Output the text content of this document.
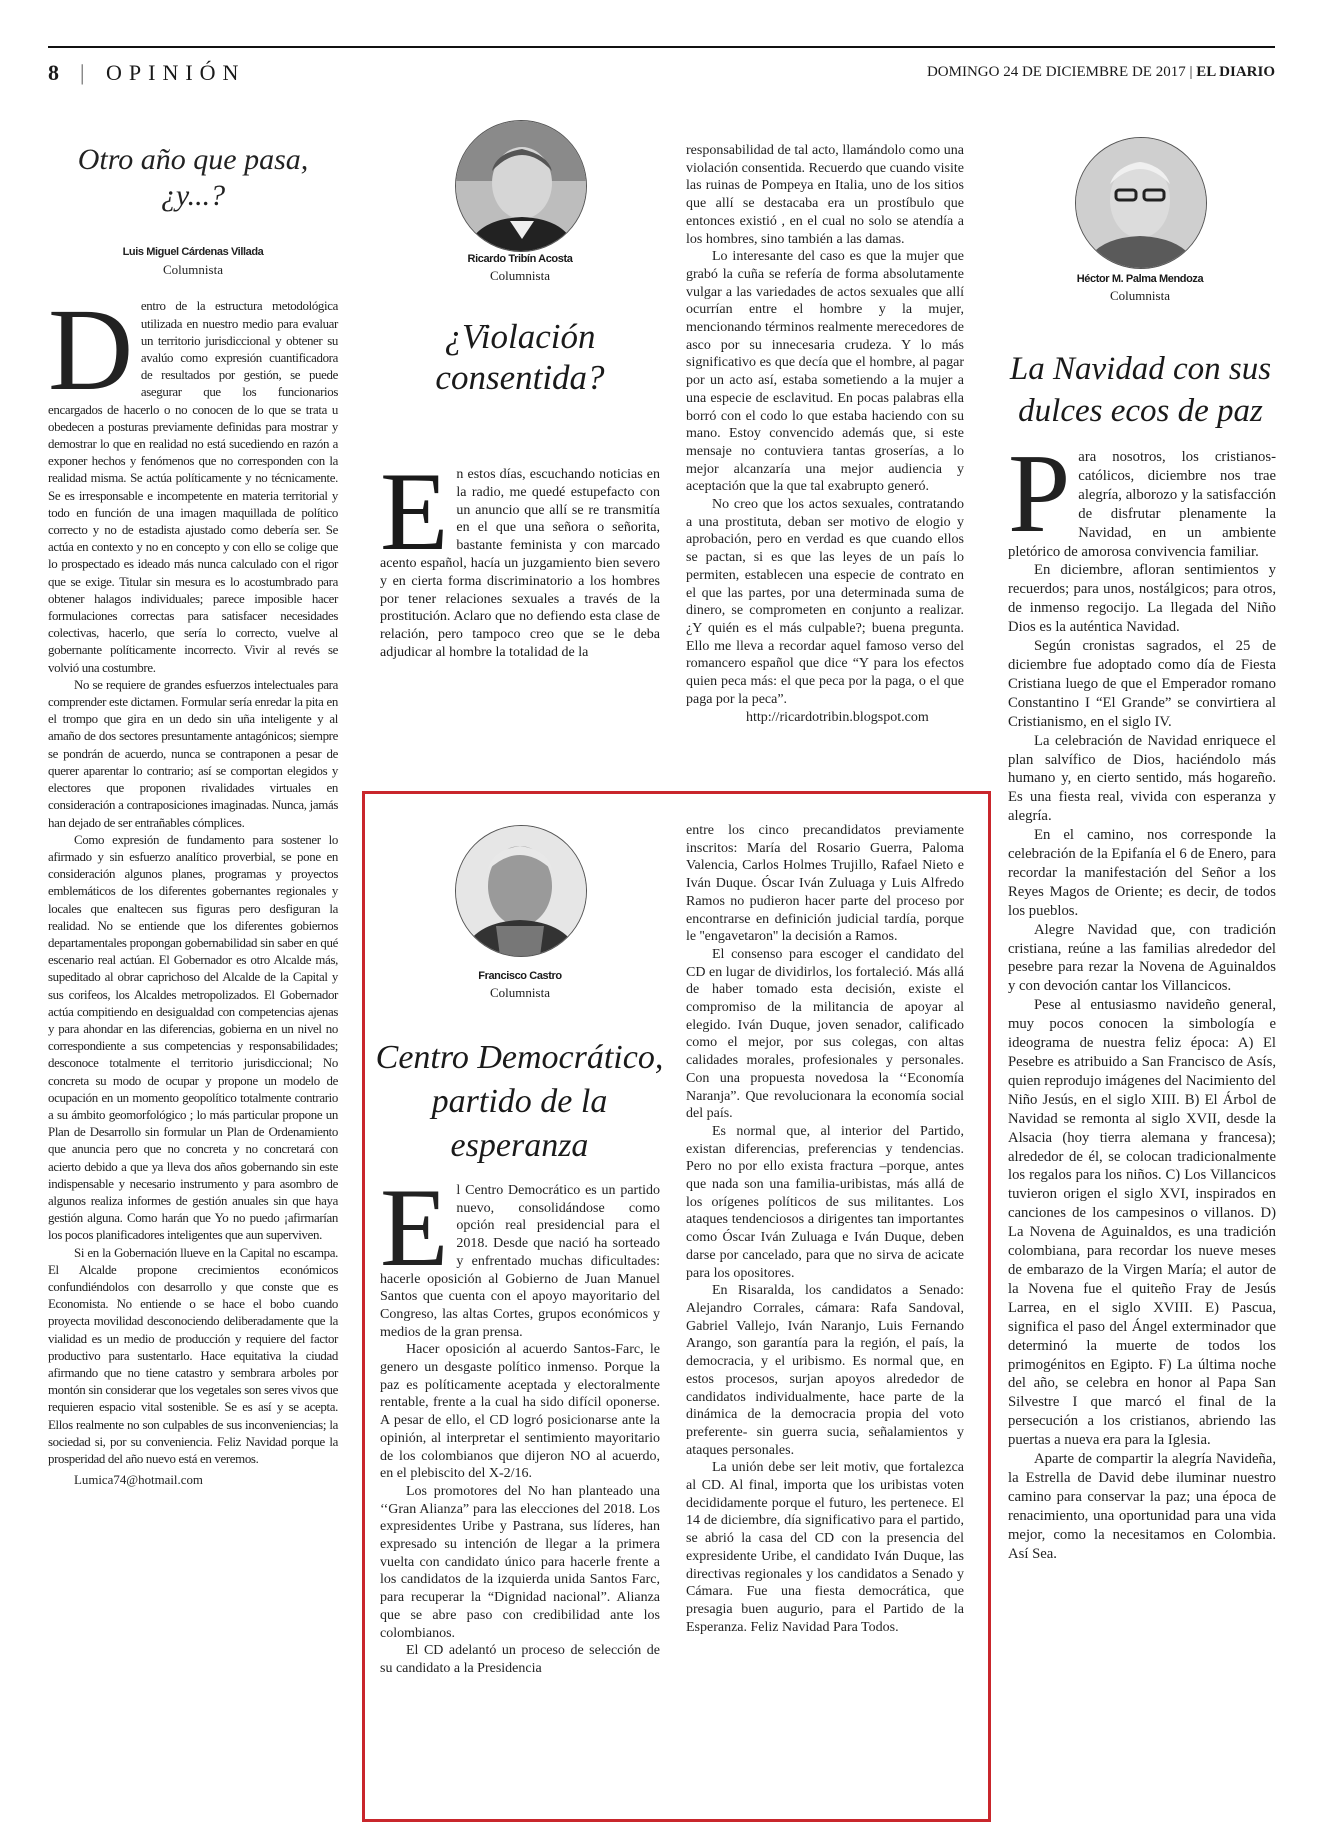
8 | OPINIÓN	DOMINGO 24 DE DICIEMBRE DE 2017 | EL DIARIO
Otro año que pasa,
¿y...?
Luis Miguel Cárdenas Villada
Columnista

Dentro de la estructura metodológica utilizada en nuestro medio para evaluar un territorio jurisdiccional y obtener su avalúo como expresión cuantificadora de resultados por gestión, se puede asegurar que los funcionarios encargados de hacerlo o no conocen de lo que se trata u obedecen a posturas previamente definidas para mostrar y demostrar lo que en realidad no está sucediendo en razón a exponer hechos y fenómenos que no corresponden con la realidad misma. Se actúa políticamente y no técnicamente. Se es irresponsable e incompetente en materia territorial y todo en función de una imagen maquillada de político correcto y no de estadista ajustado como debería ser. Se actúa en contexto y no en concepto y con ello se colige que lo prospectado es ideado más nunca calculado con el rigor que se exige. Titular sin mesura es lo acostumbrado para obtener halagos individuales; parece imposible hacer formulaciones correctas para satisfacer necesidades colectivas, hacerlo, que sería lo correcto, vuelve al gobernante políticamente incorrecto. Vivir al revés se volvió una costumbre.

No se requiere de grandes esfuerzos intelectuales para comprender este dictamen. Formular sería enredar la pita en el trompo que gira en un dedo sin uña inteligente y al amaño de dos sectores presuntamente antagónicos; siempre se pondrán de acuerdo, nunca se contraponen a pesar de querer aparentar lo contrario; así se comportan elegidos y electores que proponen rivalidades virtuales en consideración a contraposiciones imaginadas. Nunca, jamás han dejado de ser entrañables cómplices.

Como expresión de fundamento para sostener lo afirmado y sin esfuerzo analítico proverbial, se pone en consideración algunos planes, programas y proyectos emblemáticos de los diferentes gobernantes regionales y locales que enaltecen sus figuras pero desfiguran la realidad. No se entiende que los diferentes gobiernos departamentales propongan gobernabilidad sin saber en qué escenario real actúan. El Gobernador es otro Alcalde más, supeditado al obrar caprichoso del Alcalde de la Capital y sus corifeos, los Alcaldes metropolizados. El Gobernador actúa compitiendo en desigualdad con competencias ajenas y para ahondar en las diferencias, gobierna en un nivel no correspondiente a sus competencias y responsabilidades; desconoce totalmente el territorio jurisdiccional; No concreta su modo de ocupar y propone un modelo de ocupación en un momento geopolítico totalmente contrario a su ámbito geomorfológico ; lo más particular propone un Plan de Desarrollo sin formular un Plan de Ordenamiento que anuncia pero que no concreta y no concretará con acierto debido a que ya lleva dos años gobernando sin este indispensable y necesario instrumento y para asombro de algunos realiza informes de gestión anuales sin que haya gestión alguna. Como harán que Yo no puedo ¡afirmarían los pocos planificadores inteligentes que aun superviven.

Si en la Gobernación llueve en la Capital no escampa. El Alcalde propone crecimientos económicos confundiéndolos con desarrollo y que conste que es Economista. No entiende o se hace el bobo cuando proyecta movilidad desconociendo deliberadamente que la vialidad es un medio de producción y requiere del factor productivo para sustentarlo. Hace equitativa la ciudad afirmando que no tiene catastro y sembrara arboles por montón sin considerar que los vegetales son seres vivos que requieren espacio vital sostenible. Se es así y se acepta. Ellos realmente no son culpables de sus inconveniencias; la sociedad si, por su conveniencia. Feliz Navidad porque la prosperidad del año nuevo está en veremos.

Lumica74@hotmail.com

Ricardo Tribín Acosta
Columnista
¿Violación
consentida?

En estos días, escuchando noticias en la radio, me quedé estupefacto con un anuncio que allí se re transmitía en el que una señora o señorita, bastante feminista y con marcado acento español, hacía un juzgamiento bien severo y en cierta forma discriminatorio a los hombres por tener relaciones sexuales a través de la prostitución. Aclaro que no defiendo esta clase de relación, pero tampoco creo que se le deba adjudicar al hombre la totalidad de la

responsabilidad de tal acto, llamándolo como una violación consentida. Recuerdo que cuando visite las ruinas de Pompeya en Italia, uno de los sitios que allí se destacaba era un prostíbulo que entonces existió , en el cual no solo se atendía a los hombres, sino también a las damas.

Lo interesante del caso es que la mujer que grabó la cuña se refería de forma absolutamente vulgar a las variedades de actos sexuales que allí ocurrían entre el hombre y la mujer, mencionando términos realmente merecedores de asco por su innecesaria crudeza. Y lo más significativo es que decía que el hombre, al pagar por un acto así, estaba sometiendo a la mujer a una especie de esclavitud. En pocas palabras ella borró con el codo lo que estaba haciendo con su mano. Estoy convencido además que, si este mensaje no contuviera tantas groserías, a lo mejor alcanzaría una mejor audiencia y aceptación que la que tal exabrupto generó.

No creo que los actos sexuales, contratando a una prostituta, deban ser motivo de elogio y aprobación, pero en verdad es que cuando ellos se pactan, si es que las leyes de un país lo permiten, establecen una especie de contrato en el que las partes, por una determinada suma de dinero, se comprometen en conjunto a realizar. ¿Y quién es el más culpable?; buena pregunta. Ello me lleva a recordar aquel famoso verso del romancero español que dice “Y para los efectos quien peca más: el que peca por la paga, o el que paga por la peca”.

http://ricardotribin.blogspot.com

Héctor M. Palma Mendoza
Columnista
La Navidad con sus
dulces ecos de paz

Para nosotros, los cristianos-católicos, diciembre nos trae alegría, alborozo y la satisfacción de disfrutar plenamente la Navidad, en un ambiente pletórico de amorosa convivencia familiar.

En diciembre, afloran sentimientos y recuerdos; para unos, nostálgicos; para otros, de inmenso regocijo. La llegada del Niño Dios es la auténtica Navidad.

Según cronistas sagrados, el 25 de diciembre fue adoptado como día de Fiesta Cristiana luego de que el Emperador romano Constantino I “El Grande” se convirtiera al Cristianismo, en el siglo IV.

La celebración de Navidad enriquece el plan salvífico de Dios, haciéndolo más humano y, en cierto sentido, más hogareño. Es una fiesta real, vivida con esperanza y alegría.

En el camino, nos corresponde la celebración de la Epifanía el 6 de Enero, para recordar la manifestación del Señor a los Reyes Magos de Oriente; es decir, de todos los pueblos.

Alegre Navidad que, con tradición cristiana, reúne a las familias alrededor del pesebre para rezar la Novena de Aguinaldos y con devoción cantar los Villancicos.

Pese al entusiasmo navideño general, muy pocos conocen la simbología e ideograma de nuestra feliz época: A) El Pesebre es atribuido a San Francisco de Asís, quien reprodujo imágenes del Nacimiento del Niño Jesús, en el siglo XIII. B) El Árbol de Navidad se remonta al siglo XVII, desde la Alsacia (hoy tierra alemana y francesa); alrededor de él, se colocan tradicionalmente los regalos para los niños. C) Los Villancicos tuvieron origen el siglo XVI, inspirados en canciones de los campesinos o villanos. D) La Novena de Aguinaldos, es una tradición colombiana, para recordar los nueve meses de embarazo de la Virgen María; el autor de la Novena fue el quiteño Fray de Jesús Larrea, en el siglo XVIII. E) Pascua, significa el paso del Ángel exterminador que determinó la muerte de todos los primogénitos en Egipto. F) La última noche del año, se celebra en honor al Papa San Silvestre I que marcó el final de la persecución a los cristianos, abriendo las puertas a nueva era para la Iglesia.

Aparte de compartir la alegría Navideña, la Estrella de David debe iluminar nuestro camino para conservar la paz; una época de renacimiento, una oportunidad para una vida mejor, como la necesitamos en Colombia. Así Sea.

Francisco Castro
Columnista
Centro Democrático,
partido de la
esperanza

El Centro Democrático es un partido nuevo, consolidándose como opción real presidencial para el 2018. Desde que nació ha sorteado y enfrentado muchas dificultades: hacerle oposición al Gobierno de Juan Manuel Santos que cuenta con el apoyo mayoritario del Congreso, las altas Cortes, grupos económicos y medios de la gran prensa.

Hacer oposición al acuerdo Santos-Farc, le genero un desgaste político inmenso. Porque la paz es políticamente aceptada y electoralmente rentable, frente a la cual ha sido difícil oponerse. A pesar de ello, el CD logró posicionarse ante la opinión, al interpretar el sentimiento mayoritario de los colombianos que dijeron NO al acuerdo, en el plebiscito del X-2/16.

Los promotores del No han planteado una ‘‘Gran Alianza” para las elecciones del 2018. Los expresidentes Uribe y Pastrana, sus líderes, han expresado su intención de llegar a la primera vuelta con candidato único para hacerle frente a los candidatos de la izquierda unida Santos Farc, para recuperar la “Dignidad nacional”. Alianza que se abre paso con credibilidad ante los colombianos.

El CD adelantó un proceso de selección de su candidato a la Presidencia

entre los cinco precandidatos previamente inscritos: María del Rosario Guerra, Paloma Valencia, Carlos Holmes Trujillo, Rafael Nieto e Iván Duque. Óscar Iván Zuluaga y Luis Alfredo Ramos no pudieron hacer parte del proceso por encontrarse en definición judicial tardía, porque le ''engavetaron'' la decisión a Ramos.

El consenso para escoger el candidato del CD en lugar de dividirlos, los fortaleció. Más allá de haber tomado esta decisión, existe el compromiso de la militancia de apoyar al elegido. Iván Duque, joven senador, calificado como el mejor, por sus colegas, con altas calidades morales, profesionales y personales. Con una propuesta novedosa la ‘‘Economía Naranja”. Que revolucionara la economía social del país.

Es normal que, al interior del Partido, existan diferencias, preferencias y tendencias. Pero no por ello exista fractura –porque, antes que nada son una familia-uribistas, más allá de los orígenes políticos de sus militantes. Los ataques tendenciosos a dirigentes tan importantes como Óscar Iván Zuluaga e Iván Duque, deben darse por cancelado, para que no sirva de acicate para los opositores.

En Risaralda, los candidatos a Senado: Alejandro Corrales, cámara: Rafa Sandoval, Gabriel Vallejo, Iván Naranjo, Luis Fernando Arango, son garantía para la región, el país, la democracia, y el uribismo. Es normal que, en estos procesos, surjan apoyos alrededor de candidatos individualmente, hace parte de la dinámica de la democracia propia del voto preferente- sin guerra sucia, señalamientos y ataques personales.

La unión debe ser leit motiv, que fortalezca al CD. Al final, importa que los uribistas voten decididamente porque el futuro, les pertenece. El 14 de diciembre, día significativo para el partido, se abrió la casa del CD con la presencia del expresidente Uribe, el candidato Iván Duque, las directivas regionales y los candidatos a Senado y Cámara. Fue una fiesta democrática, que presagia buen augurio, para el Partido de la Esperanza. Feliz Navidad Para Todos.
